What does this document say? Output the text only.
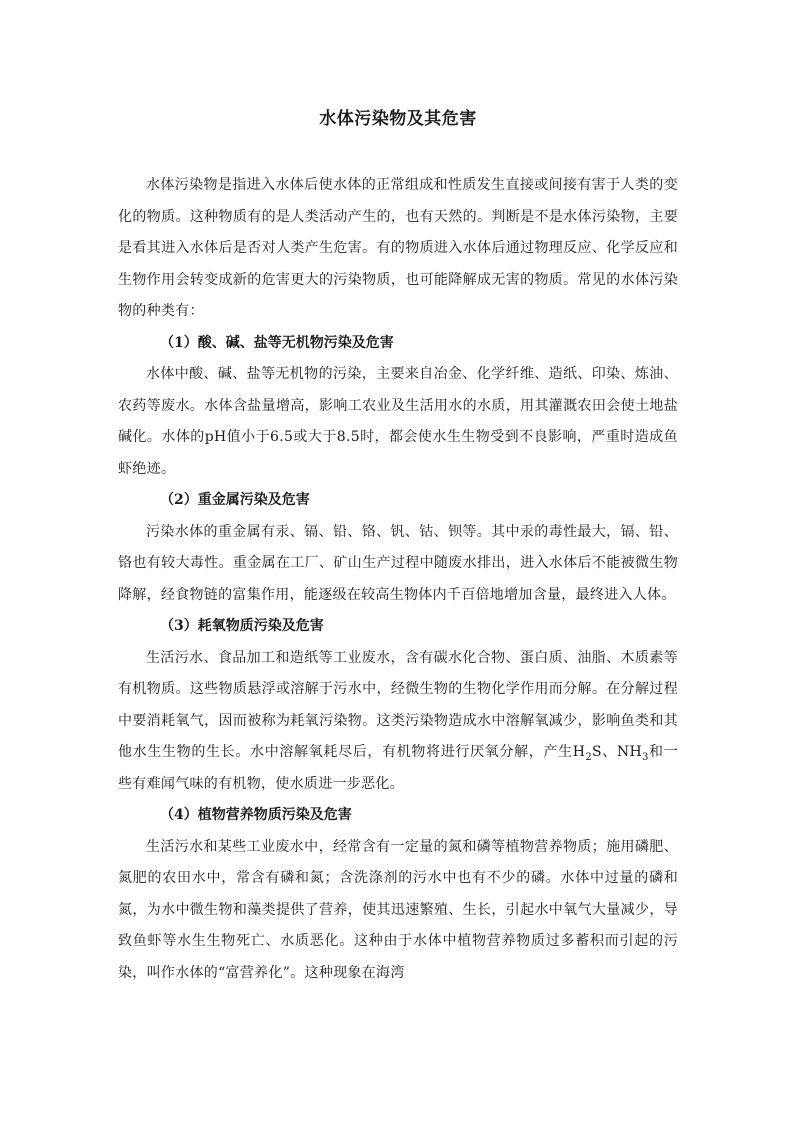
水体污染物及其危害

水体污染物是指进入水体后使水体的正常组成和性质发生直接或间接有害于人类的变化的物质。这种物质有的是人类活动产生的，也有天然的。判断是不是水体污染物，主要是看其进入水体后是否对人类产生危害。有的物质进入水体后通过物理反应、化学反应和生物作用会转变成新的危害更大的污染物质，也可能降解成无害的物质。常见的水体污染物的种类有：

（1）酸、碱、盐等无机物污染及危害

水体中酸、碱、盐等无机物的污染，主要来自冶金、化学纤维、造纸、印染、炼油、农药等废水。水体含盐量增高，影响工农业及生活用水的水质，用其灌溉农田会使土地盐碱化。水体的pH值小于6.5或大于8.5时，都会使水生生物受到不良影响，严重时造成鱼虾绝迹。

（2）重金属污染及危害

污染水体的重金属有汞、镉、铅、铬、钒、钴、钡等。其中汞的毒性最大，镉、铅、铬也有较大毒性。重金属在工厂、矿山生产过程中随废水排出，进入水体后不能被微生物降解，经食物链的富集作用，能逐级在较高生物体内千百倍地增加含量，最终进入人体。

（3）耗氧物质污染及危害

生活污水、食品加工和造纸等工业废水，含有碳水化合物、蛋白质、油脂、木质素等有机物质。这些物质悬浮或溶解于污水中，经微生物的生物化学作用而分解。在分解过程中要消耗氧气，因而被称为耗氧污染物。这类污染物造成水中溶解氧减少，影响鱼类和其他水生生物的生长。水中溶解氧耗尽后，有机物将进行厌氧分解，产生$H_2S$、$NH_3$和一些有难闻气味的有机物，使水质进一步恶化。

（4）植物营养物质污染及危害

生活污水和某些工业废水中，经常含有一定量的氮和磷等植物营养物质；施用磷肥、氮肥的农田水中，常含有磷和氮；含洗涤剂的污水中也有不少的磷。水体中过量的磷和氮，为水中微生物和藻类提供了营养，使其迅速繁殖、生长，引起水中氧气大量减少，导致鱼虾等水生生物死亡、水质恶化。这种由于水体中植物营养物质过多蓄积而引起的污染，叫作水体的“富营养化”。这种现象在海湾
